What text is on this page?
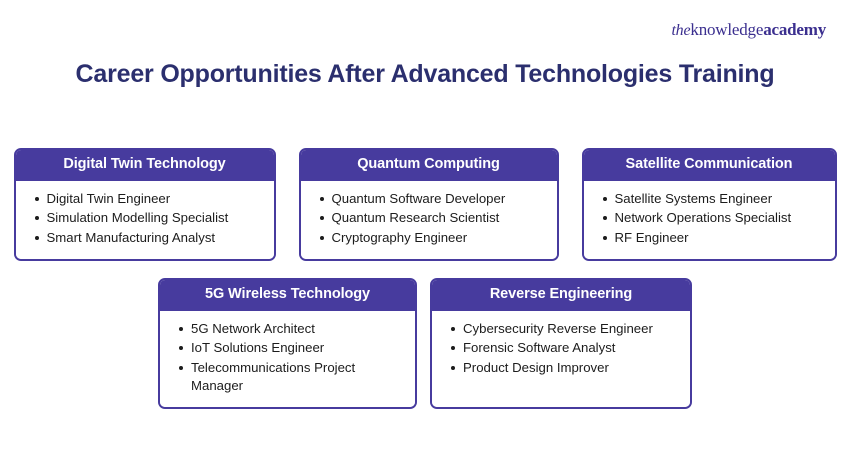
theknowledgeacademy
Career Opportunities After Advanced Technologies Training
Digital Twin Technology
Digital Twin Engineer
Simulation Modelling Specialist
Smart Manufacturing Analyst
Quantum Computing
Quantum Software Developer
Quantum Research Scientist
Cryptography Engineer
Satellite Communication
Satellite Systems Engineer
Network Operations Specialist
RF Engineer
5G Wireless Technology
5G Network Architect
IoT Solutions Engineer
Telecommunications Project Manager
Reverse Engineering
Cybersecurity Reverse Engineer
Forensic Software Analyst
Product Design Improver
